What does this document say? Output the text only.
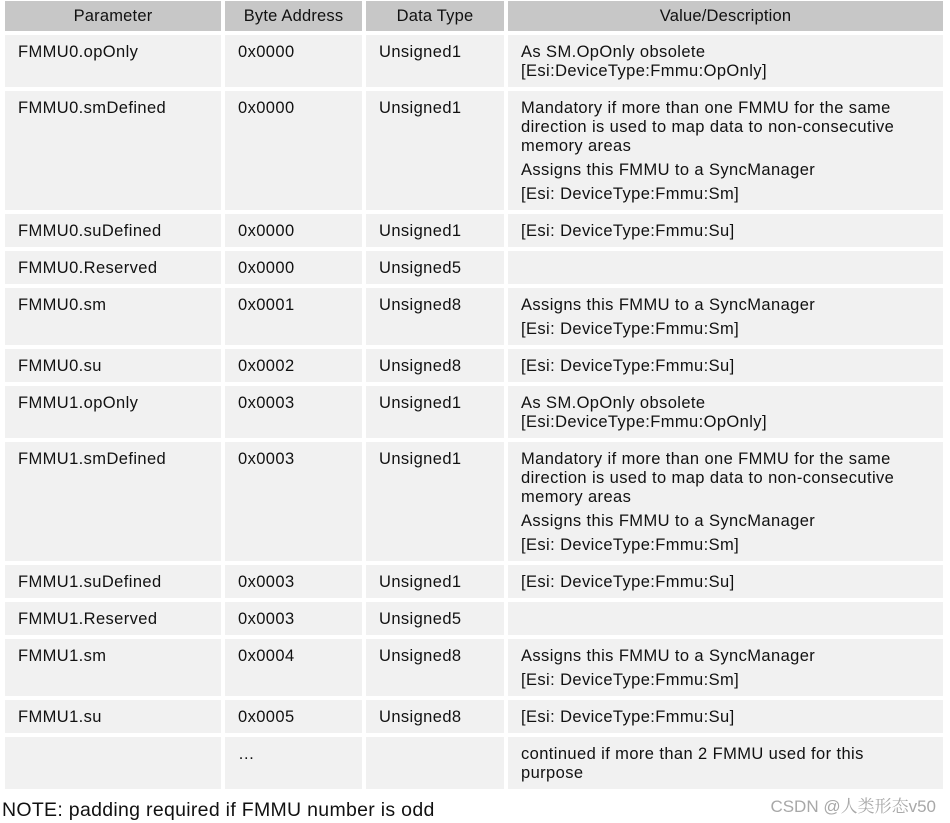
Parameter	Byte Address	Data Type	Value/Description
FMMU0.opOnly	0x0000	Unsigned1	As SM.OpOnly obsolete
[Esi:DeviceType:Fmmu:OpOnly]

FMMU0.smDefined	0x0000	Unsigned1	Mandatory if more than one FMMU for the same
direction is used to map data to non-consecutive
memory areas
Assigns this FMMU to a SyncManager
[Esi: DeviceType:Fmmu:Sm]

FMMU0.suDefined	0x0000	Unsigned1	[Esi: DeviceType:Fmmu:Su]

FMMU0.Reserved	0x0000	Unsigned5	
FMMU0.sm	0x0001	Unsigned8	Assigns this FMMU to a SyncManager
[Esi: DeviceType:Fmmu:Sm]

FMMU0.su	0x0002	Unsigned8	[Esi: DeviceType:Fmmu:Su]

FMMU1.opOnly	0x0003	Unsigned1	As SM.OpOnly obsolete
[Esi:DeviceType:Fmmu:OpOnly]

FMMU1.smDefined	0x0003	Unsigned1	Mandatory if more than one FMMU for the same
direction is used to map data to non-consecutive
memory areas
Assigns this FMMU to a SyncManager
[Esi: DeviceType:Fmmu:Sm]

FMMU1.suDefined	0x0003	Unsigned1	[Esi: DeviceType:Fmmu:Su]

FMMU1.Reserved	0x0003	Unsigned5	
FMMU1.sm	0x0004	Unsigned8	Assigns this FMMU to a SyncManager
[Esi: DeviceType:Fmmu:Sm]

FMMU1.su	0x0005	Unsigned8	[Esi: DeviceType:Fmmu:Su]

	…		continued if more than 2 FMMU used for this
purpose
NOTE: padding required if FMMU number is odd	CSDN @人类形态v50
